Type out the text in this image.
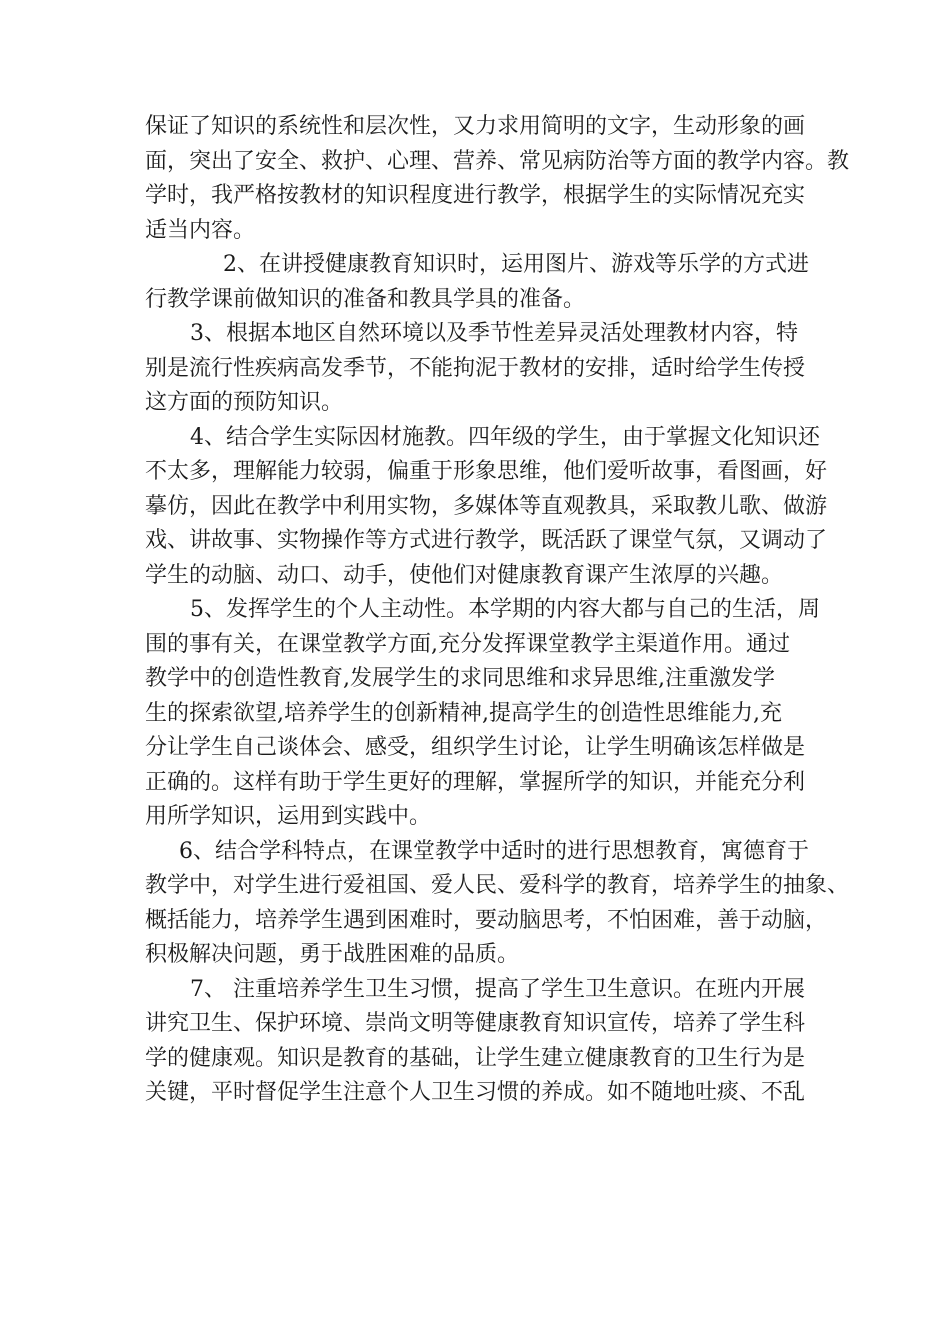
保证了知识的系统性和层次性，又力求用简明的文字，生动形象的画
面，突出了安全、救护、心理、营养、常见病防治等方面的教学内容。教
学时，我严格按教材的知识程度进行教学，根据学生的实际情况充实
适当内容。
2、在讲授健康教育知识时，运用图片、游戏等乐学的方式进
行教学课前做知识的准备和教具学具的准备。
3、根据本地区自然环境以及季节性差异灵活处理教材内容，特
别是流行性疾病高发季节，不能拘泥于教材的安排，适时给学生传授
这方面的预防知识。
4、结合学生实际因材施教。四年级的学生，由于掌握文化知识还
不太多，理解能力较弱，偏重于形象思维，他们爱听故事，看图画，好
摹仿，因此在教学中利用实物，多媒体等直观教具，采取教儿歌、做游
戏、讲故事、实物操作等方式进行教学，既活跃了课堂气氛，又调动了
学生的动脑、动口、动手，使他们对健康教育课产生浓厚的兴趣。
5、发挥学生的个人主动性。本学期的内容大都与自己的生活，周
围的事有关，在课堂教学方面,充分发挥课堂教学主渠道作用。通过
教学中的创造性教育,发展学生的求同思维和求异思维,注重激发学
生的探索欲望,培养学生的创新精神,提高学生的创造性思维能力,充
分让学生自己谈体会、感受，组织学生讨论，让学生明确该怎样做是
正确的。这样有助于学生更好的理解，掌握所学的知识，并能充分利
用所学知识，运用到实践中。
6、结合学科特点，在课堂教学中适时的进行思想教育，寓德育于
教学中，对学生进行爱祖国、爱人民、爱科学的教育，培养学生的抽象、
概括能力，培养学生遇到困难时，要动脑思考，不怕困难，善于动脑，
积极解决问题，勇于战胜困难的品质。
7、 注重培养学生卫生习惯，提高了学生卫生意识。在班内开展
讲究卫生、保护环境、崇尚文明等健康教育知识宣传，培养了学生科
学的健康观。知识是教育的基础，让学生建立健康教育的卫生行为是
关键，平时督促学生注意个人卫生习惯的养成。如不随地吐痰、不乱
